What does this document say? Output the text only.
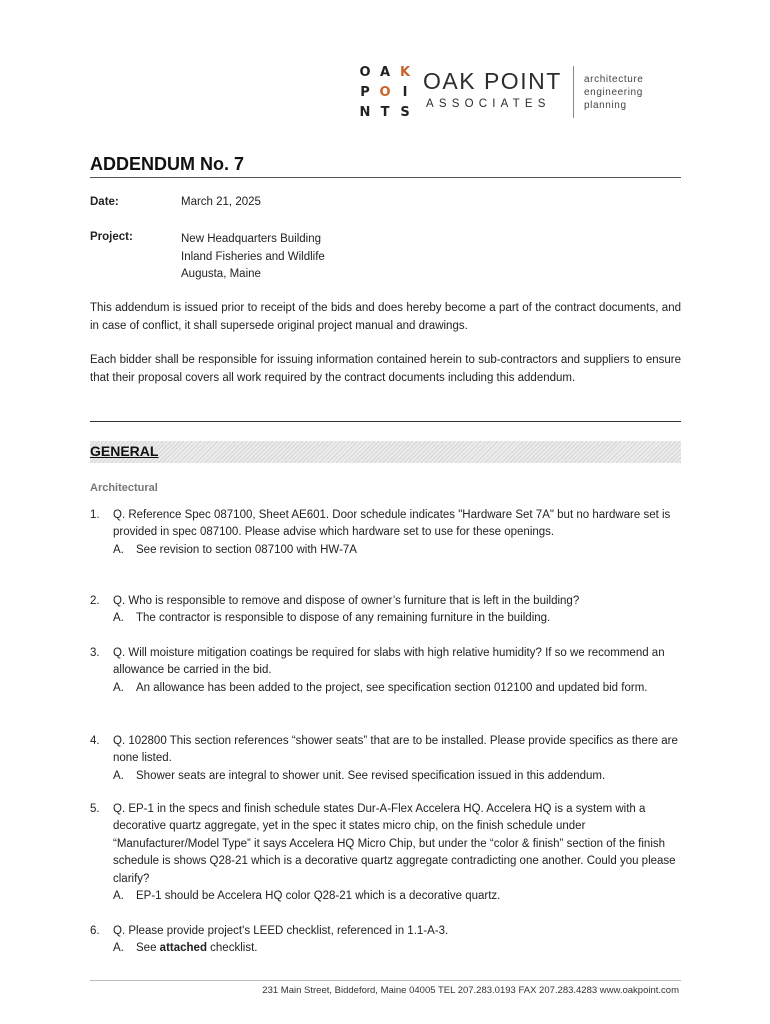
O A K
P O I
N T S
OAK POINT
ASSOCIATES
architecture
engineering
planning
ADDENDUM No. 7
Date:	March 21, 2025
Project:	New Headquarters Building
Inland Fisheries and Wildlife
Augusta, Maine
This addendum is issued prior to receipt of the bids and does hereby become a part of the contract documents, and in case of conflict, it shall supersede original project manual and drawings.
Each bidder shall be responsible for issuing information contained herein to sub-contractors and suppliers to ensure that their proposal covers all work required by the contract documents including this addendum.
GENERAL
Architectural
1.	Q. Reference Spec 087100, Sheet AE601. Door schedule indicates "Hardware Set 7A" but no hardware set is provided in spec 087100. Please advise which hardware set to use for these openings.
A. See revision to section 087100 with HW-7A
2.	Q. Who is responsible to remove and dispose of owner’s furniture that is left in the building?
A. The contractor is responsible to dispose of any remaining furniture in the building.
3.	Q. Will moisture mitigation coatings be required for slabs with high relative humidity? If so we recommend an allowance be carried in the bid.
A. An allowance has been added to the project, see specification section 012100 and updated bid form.
4.	Q. 102800 This section references “shower seats” that are to be installed. Please provide specifics as there are none listed.
A. Shower seats are integral to shower unit. See revised specification issued in this addendum.
5.	Q. EP-1 in the specs and finish schedule states Dur-A-Flex Accelera HQ. Accelera HQ is a system with a decorative quartz aggregate, yet in the spec it states micro chip, on the finish schedule under “Manufacturer/Model Type” it says Accelera HQ Micro Chip, but under the “color & finish” section of the finish schedule is shows Q28-21 which is a decorative quartz aggregate contradicting one another. Could you please clarify?
A. EP-1 should be Accelera HQ color Q28-21 which is a decorative quartz.
6.	Q. Please provide project's LEED checklist, referenced in 1.1-A-3.
A. See attached checklist.
231 Main Street, Biddeford, Maine 04005 TEL 207.283.0193 FAX 207.283.4283 www.oakpoint.com
